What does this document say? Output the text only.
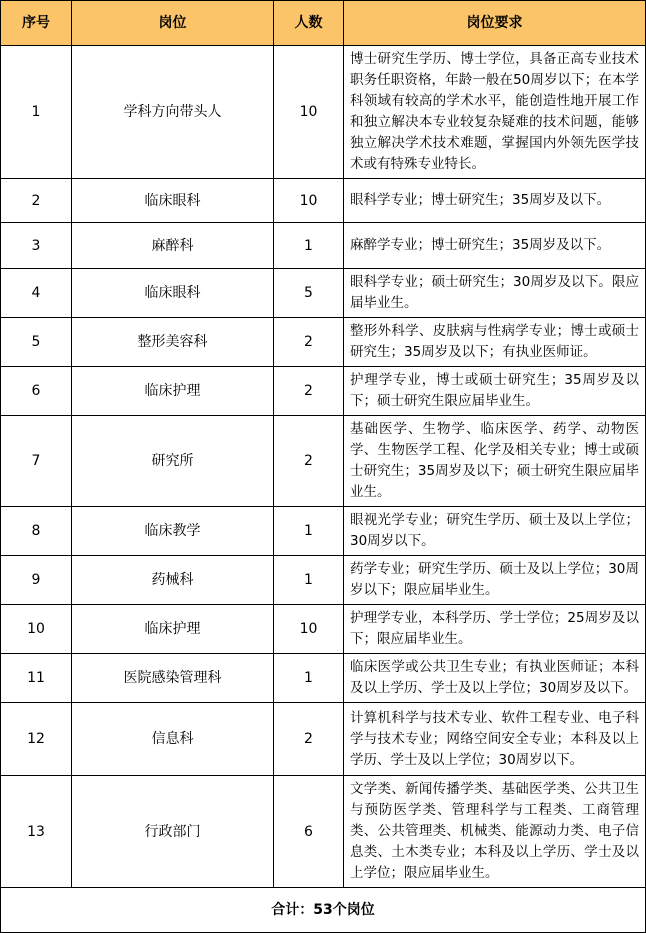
序号	岗位	人数	岗位要求
1	学科方向带头人	10	博士研究生学历、博士学位，具备正高专业技术职务任职资格，年龄一般在50周岁以下；在本学科领域有较高的学术水平，能创造性地开展工作和独立解决本专业较复杂疑难的技术问题，能够独立解决学术技术难题，掌握国内外领先医学技术或有特殊专业特长。
2	临床眼科	10	眼科学专业；博士研究生；35周岁及以下。
3	麻醉科	1	麻醉学专业；博士研究生；35周岁及以下。
4	临床眼科	5	眼科学专业；硕士研究生；30周岁及以下。限应届毕业生。
5	整形美容科	2	整形外科学、皮肤病与性病学专业；博士或硕士研究生；35周岁及以下；有执业医师证。
6	临床护理	2	护理学专业，博士或硕士研究生；35周岁及以下；硕士研究生限应届毕业生。
7	研究所	2	基础医学、生物学、临床医学、药学、动物医学、生物医学工程、化学及相关专业；博士或硕士研究生；35周岁及以下；硕士研究生限应届毕业生。
8	临床教学	1	眼视光学专业；研究生学历、硕士及以上学位；30周岁以下。
9	药械科	1	药学专业；研究生学历、硕士及以上学位；30周岁以下；限应届毕业生。
10	临床护理	10	护理学专业，本科学历、学士学位；25周岁及以下；限应届毕业生。
11	医院感染管理科	1	临床医学或公共卫生专业；有执业医师证；本科及以上学历、学士及以上学位；30周岁及以下。
12	信息科	2	计算机科学与技术专业、软件工程专业、电子科学与技术专业；网络空间安全专业；本科及以上学历、学士及以上学位；30周岁以下。
13	行政部门	6	文学类、新闻传播学类、基础医学类、公共卫生与预防医学类、管理科学与工程类、工商管理类、公共管理类、机械类、能源动力类、电子信息类、土木类专业；本科及以上学历、学士及以上学位；限应届毕业生。
合计：53个岗位			
